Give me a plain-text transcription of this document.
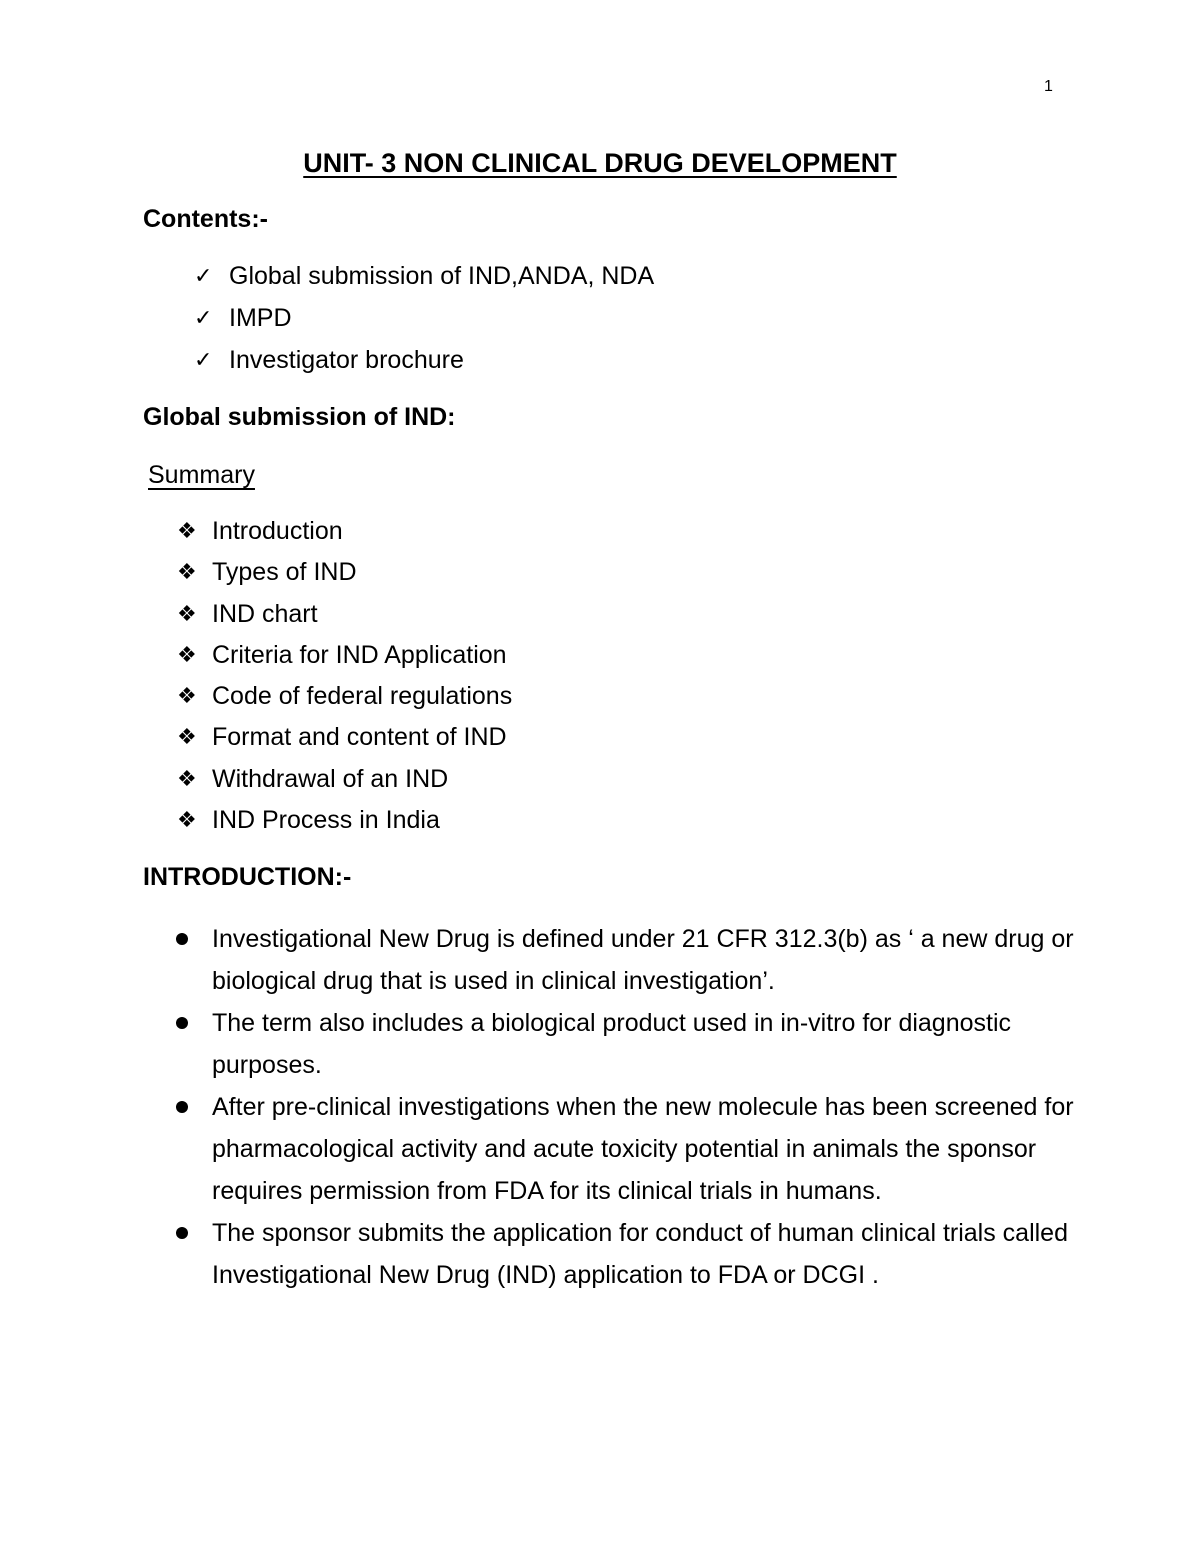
1
UNIT- 3 NON CLINICAL DRUG DEVELOPMENT
Contents:-
✓ Global submission of IND,ANDA, NDA
✓ IMPD
✓ Investigator brochure
Global submission of IND:
Summary
❖ Introduction
❖ Types of IND
❖ IND chart
❖ Criteria for IND Application
❖ Code of federal regulations
❖ Format and content of IND
❖ Withdrawal of an IND
❖ IND Process in India
INTRODUCTION:-
Investigational New Drug is defined under 21 CFR 312.3(b) as ‘ a new drug or biological drug that is used in clinical investigation’.
The term also includes a biological product used in in-vitro for diagnostic purposes.
After pre-clinical investigations when the new molecule has been screened for pharmacological activity and acute toxicity potential in animals the sponsor requires permission from FDA for its clinical trials in humans.
The sponsor submits the application for conduct of human clinical trials called Investigational New Drug (IND) application to FDA or DCGI .
